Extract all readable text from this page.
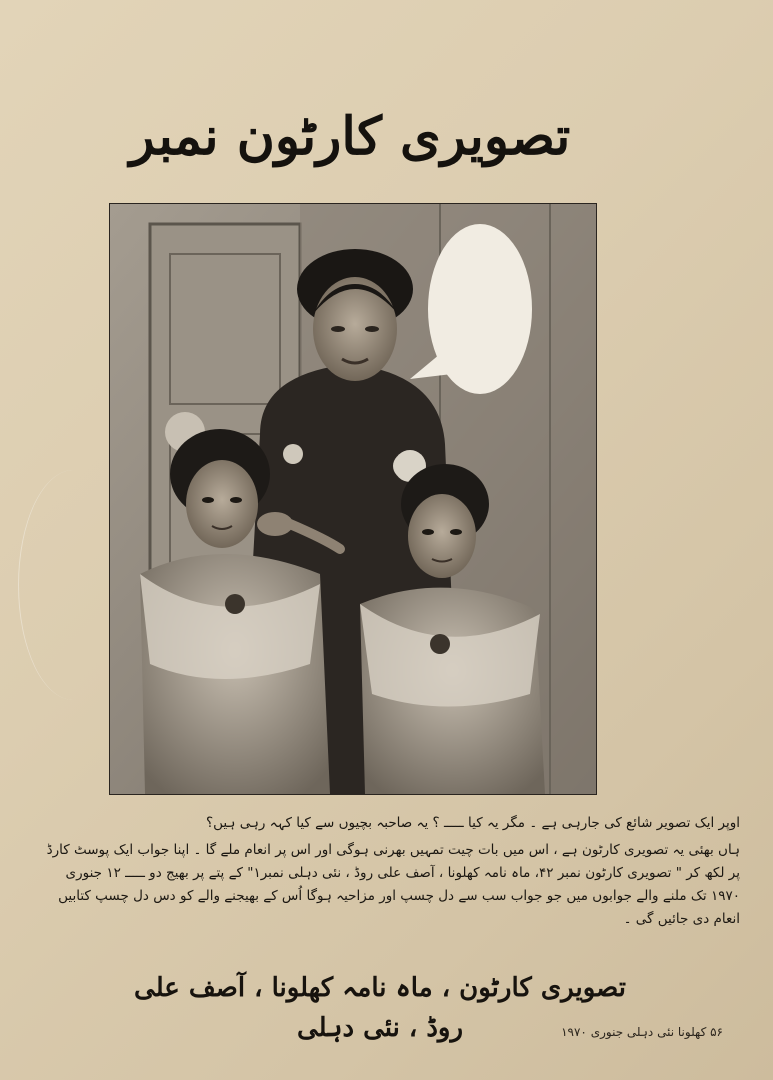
تصویری کارٹون نمبر

اوپر ایک تصویر شائع کی جارہی ہے ۔ مگر یہ کیا ـــــ ؟ یہ صاحبہ بچیوں سے کیا کہہ رہی ہیں؟

ہاں بھئی یہ تصویری کارٹون ہے ، اس میں بات چیت تمہیں بھرنی ہوگی اور اس پر انعام ملے گا ۔ اپنا جواب ایک پوسٹ کارڈ پر لکھ کر " تصویری کارٹون نمبر ۴۲، ماہ نامہ کھلونا ، آصف علی روڈ ، نئی دہلی نمبر۱" کے پتے پر بھیج دو ـــــ ۱۲ جنوری ۱۹۷۰ تک ملنے والے جوابوں میں جو جواب سب سے دل چسپ اور مزاحیہ ہوگا اُس کے بھیجنے والے کو دس دل چسپ کتابیں انعام دی جائیں گی ۔

تصویری کارٹون ، ماہ نامہ کھلونا ، آصف علی روڈ ، نئی دہلی	۵۶ کھلونا نئی دہلی جنوری ۱۹۷۰
